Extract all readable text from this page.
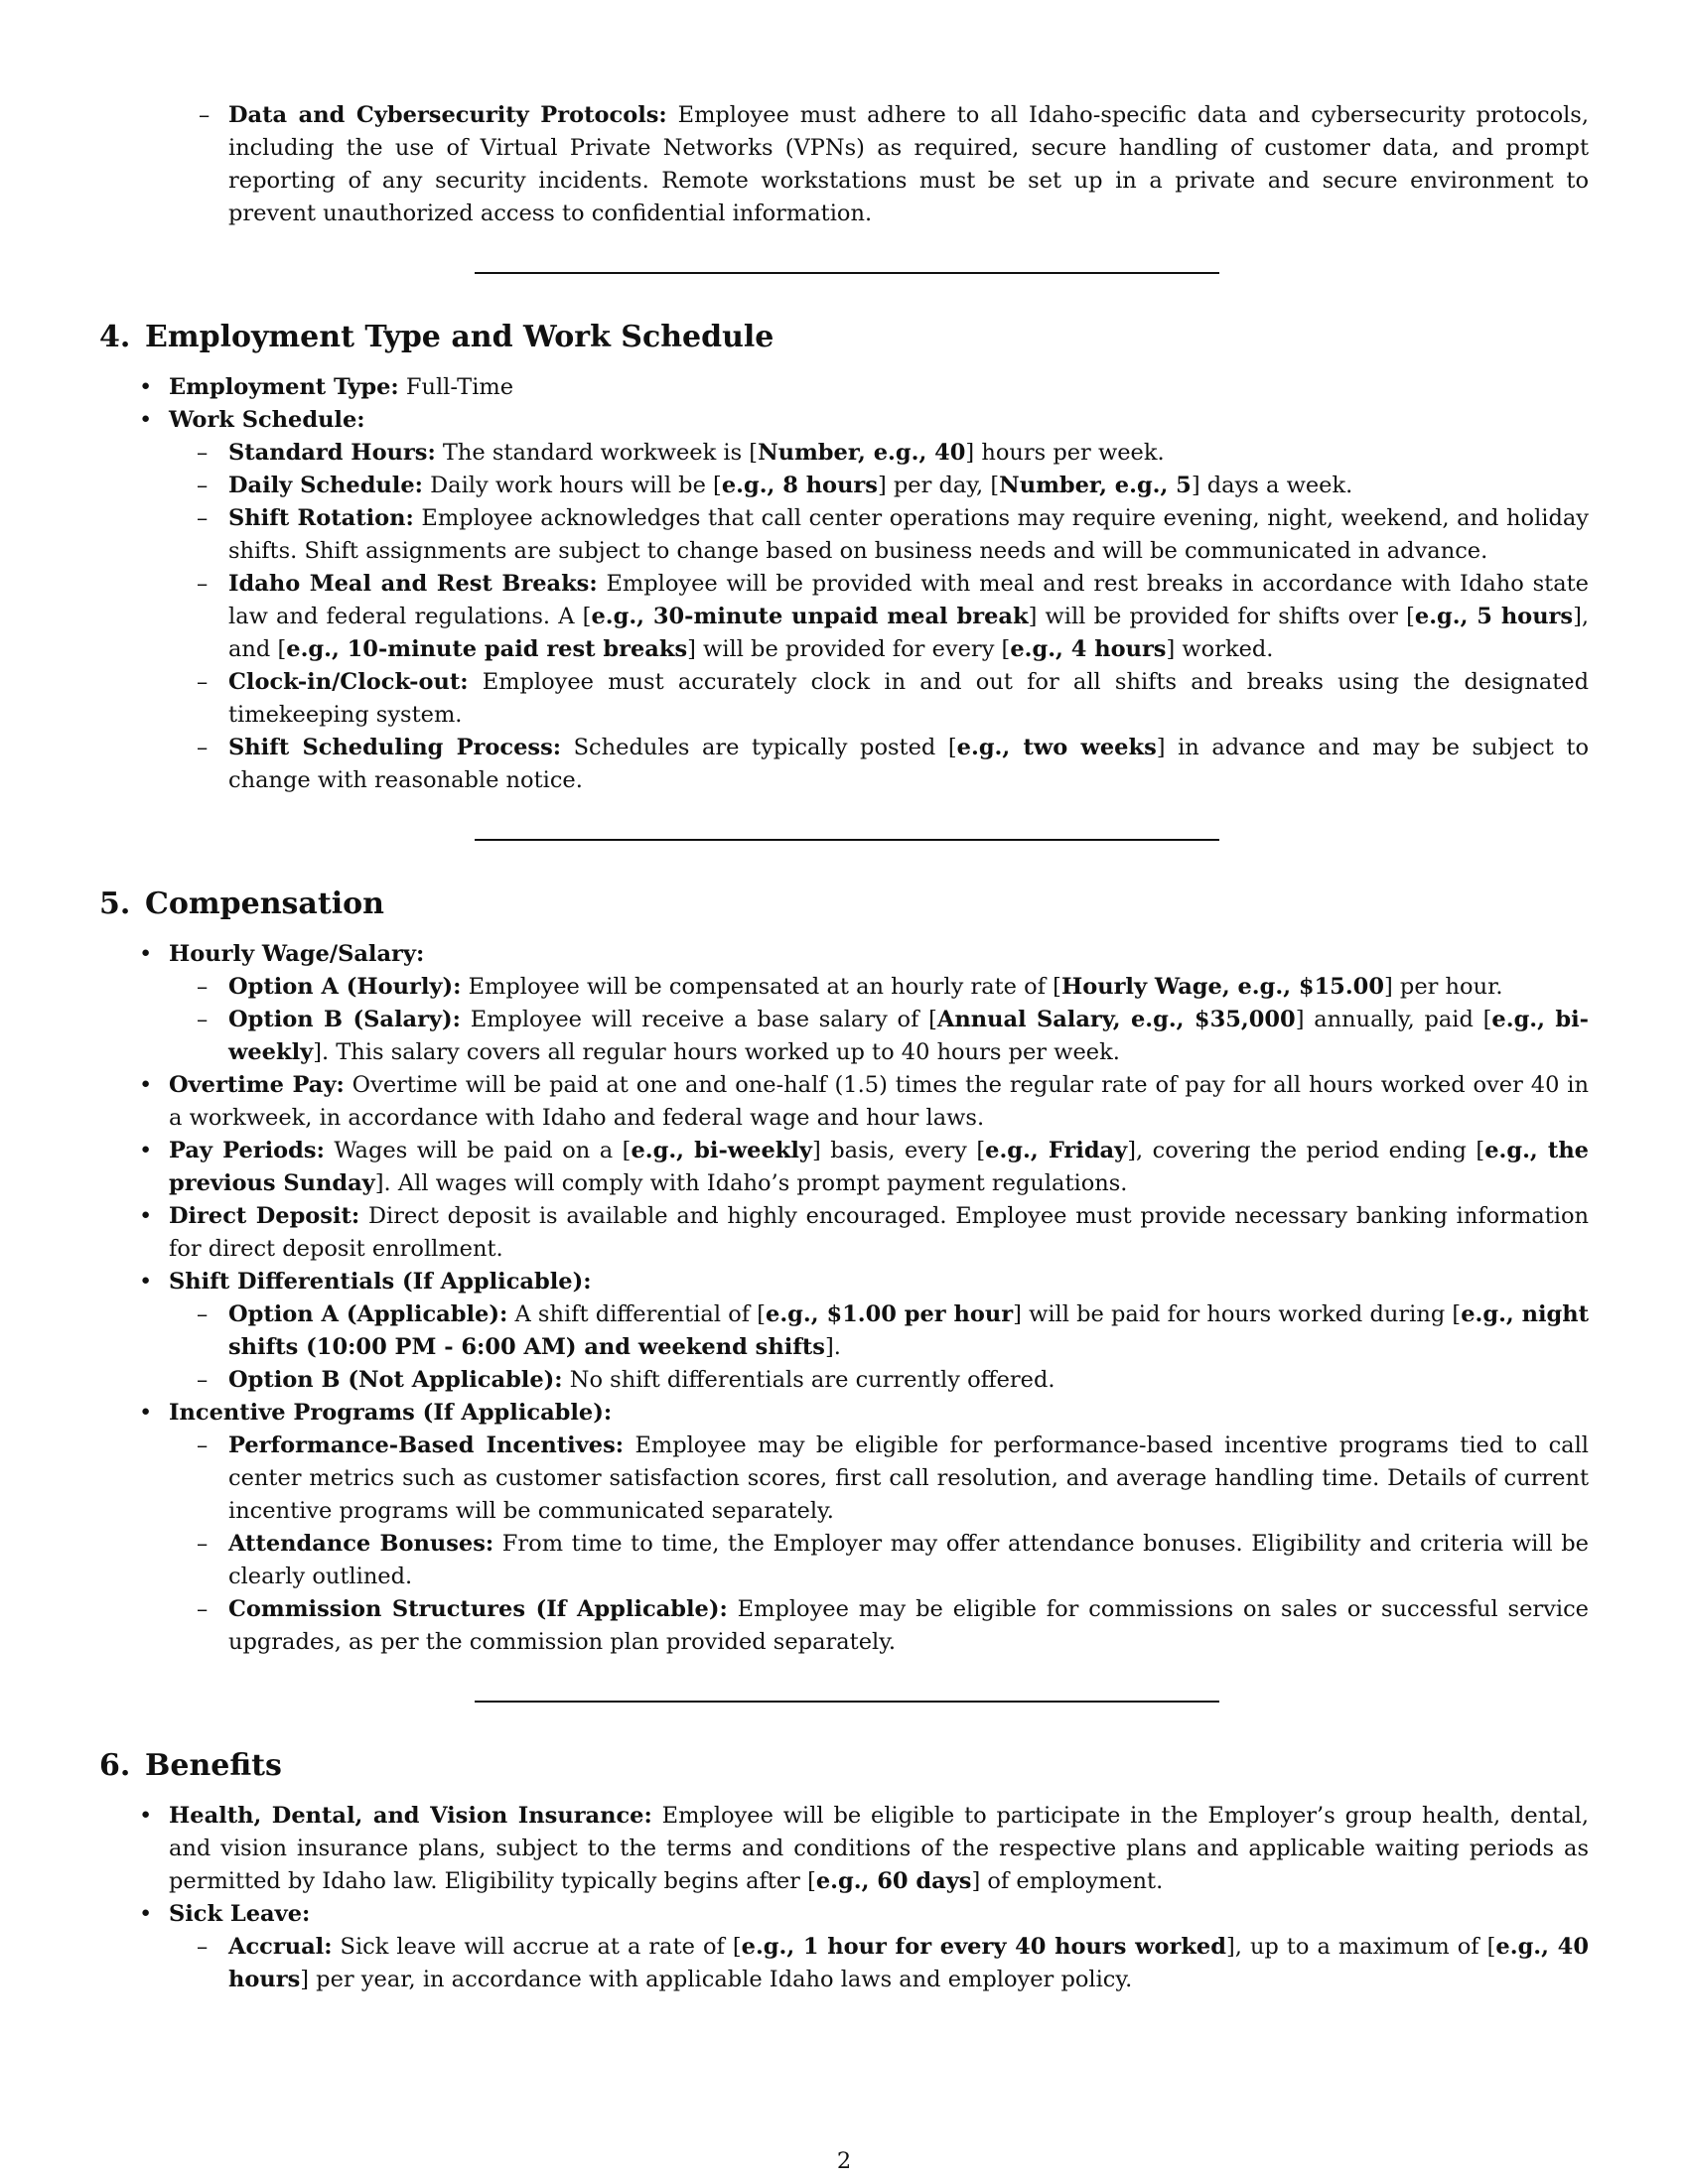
– Data and Cybersecurity Protocols: Employee must adhere to all Idaho-specific data and cybersecurity protocols, including the use of Virtual Private Networks (VPNs) as required, secure handling of customer data, and prompt reporting of any security incidents. Remote workstations must be set up in a private and secure environment to prevent unauthorized access to confidential information.
4. Employment Type and Work Schedule
• Employment Type: Full-Time
• Work Schedule:
– Standard Hours: The standard workweek is [Number, e.g., 40] hours per week.
– Daily Schedule: Daily work hours will be [e.g., 8 hours] per day, [Number, e.g., 5] days a week.
– Shift Rotation: Employee acknowledges that call center operations may require evening, night, weekend, and holiday shifts. Shift assignments are subject to change based on business needs and will be communicated in advance.
– Idaho Meal and Rest Breaks: Employee will be provided with meal and rest breaks in accordance with Idaho state law and federal regulations. A [e.g., 30-minute unpaid meal break] will be provided for shifts over [e.g., 5 hours], and [e.g., 10-minute paid rest breaks] will be provided for every [e.g., 4 hours] worked.
– Clock-in/Clock-out: Employee must accurately clock in and out for all shifts and breaks using the designated timekeeping system.
– Shift Scheduling Process: Schedules are typically posted [e.g., two weeks] in advance and may be subject to change with reasonable notice.
5. Compensation
• Hourly Wage/Salary:
– Option A (Hourly): Employee will be compensated at an hourly rate of [Hourly Wage, e.g., $15.00] per hour.
– Option B (Salary): Employee will receive a base salary of [Annual Salary, e.g., $35,000] annually, paid [e.g., bi-weekly]. This salary covers all regular hours worked up to 40 hours per week.
• Overtime Pay: Overtime will be paid at one and one-half (1.5) times the regular rate of pay for all hours worked over 40 in a workweek, in accordance with Idaho and federal wage and hour laws.
• Pay Periods: Wages will be paid on a [e.g., bi-weekly] basis, every [e.g., Friday], covering the period ending [e.g., the previous Sunday]. All wages will comply with Idaho’s prompt payment regulations.
• Direct Deposit: Direct deposit is available and highly encouraged. Employee must provide necessary banking information for direct deposit enrollment.
• Shift Differentials (If Applicable):
– Option A (Applicable): A shift differential of [e.g., $1.00 per hour] will be paid for hours worked during [e.g., night shifts (10:00 PM - 6:00 AM) and weekend shifts].
– Option B (Not Applicable): No shift differentials are currently offered.
• Incentive Programs (If Applicable):
– Performance-Based Incentives: Employee may be eligible for performance-based incentive programs tied to call center metrics such as customer satisfaction scores, first call resolution, and average handling time. Details of current incentive programs will be communicated separately.
– Attendance Bonuses: From time to time, the Employer may offer attendance bonuses. Eligibility and criteria will be clearly outlined.
– Commission Structures (If Applicable): Employee may be eligible for commissions on sales or successful service upgrades, as per the commission plan provided separately.
6. Benefits
• Health, Dental, and Vision Insurance: Employee will be eligible to participate in the Employer’s group health, dental, and vision insurance plans, subject to the terms and conditions of the respective plans and applicable waiting periods as permitted by Idaho law. Eligibility typically begins after [e.g., 60 days] of employment.
• Sick Leave:
– Accrual: Sick leave will accrue at a rate of [e.g., 1 hour for every 40 hours worked], up to a maximum of [e.g., 40 hours] per year, in accordance with applicable Idaho laws and employer policy.
2
